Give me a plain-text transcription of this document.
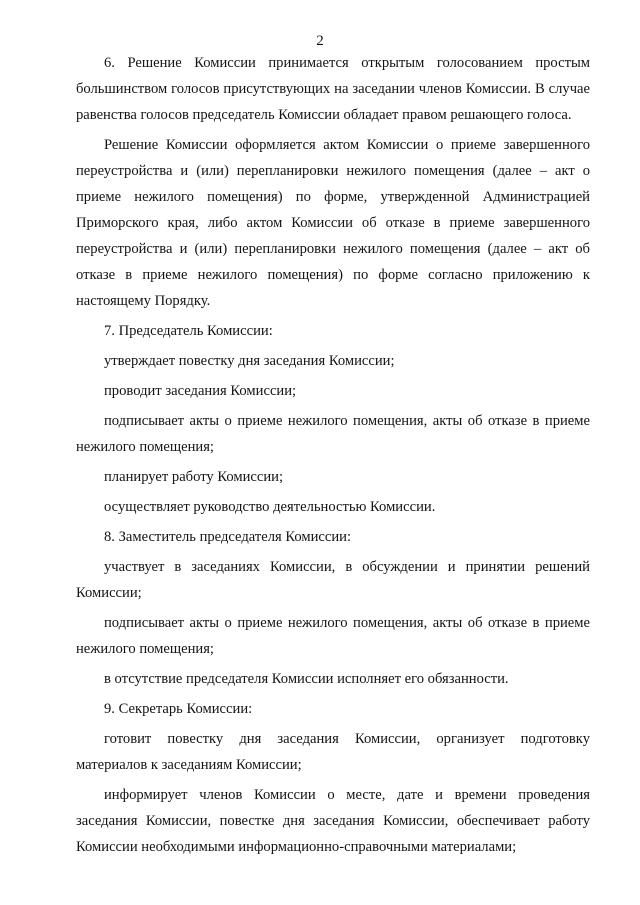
2

6. Решение Комиссии принимается открытым голосованием простым большинством голосов присутствующих на заседании членов Комиссии. В случае равенства голосов председатель Комиссии обладает правом решающего голоса.

Решение Комиссии оформляется актом Комиссии о приеме завершенного переустройства и (или) перепланировки нежилого помещения (далее – акт о приеме нежилого помещения) по форме, утвержденной Администрацией Приморского края, либо актом Комиссии об отказе в приеме завершенного переустройства и (или) перепланировки нежилого помещения (далее – акт об отказе в приеме нежилого помещения) по форме согласно приложению к настоящему Порядку.

7. Председатель Комиссии:

утверждает повестку дня заседания Комиссии;

проводит заседания Комиссии;

подписывает акты о приеме нежилого помещения, акты об отказе в приеме нежилого помещения;

планирует работу Комиссии;

осуществляет руководство деятельностью Комиссии.

8. Заместитель председателя Комиссии:

участвует в заседаниях Комиссии, в обсуждении и принятии решений Комиссии;

подписывает акты о приеме нежилого помещения, акты об отказе в приеме нежилого помещения;

в отсутствие председателя Комиссии исполняет его обязанности.

9. Секретарь Комиссии:

готовит повестку дня заседания Комиссии, организует подготовку материалов к заседаниям Комиссии;

информирует членов Комиссии о месте, дате и времени проведения заседания Комиссии, повестке дня заседания Комиссии, обеспечивает работу Комиссии необходимыми информационно-справочными материалами;
